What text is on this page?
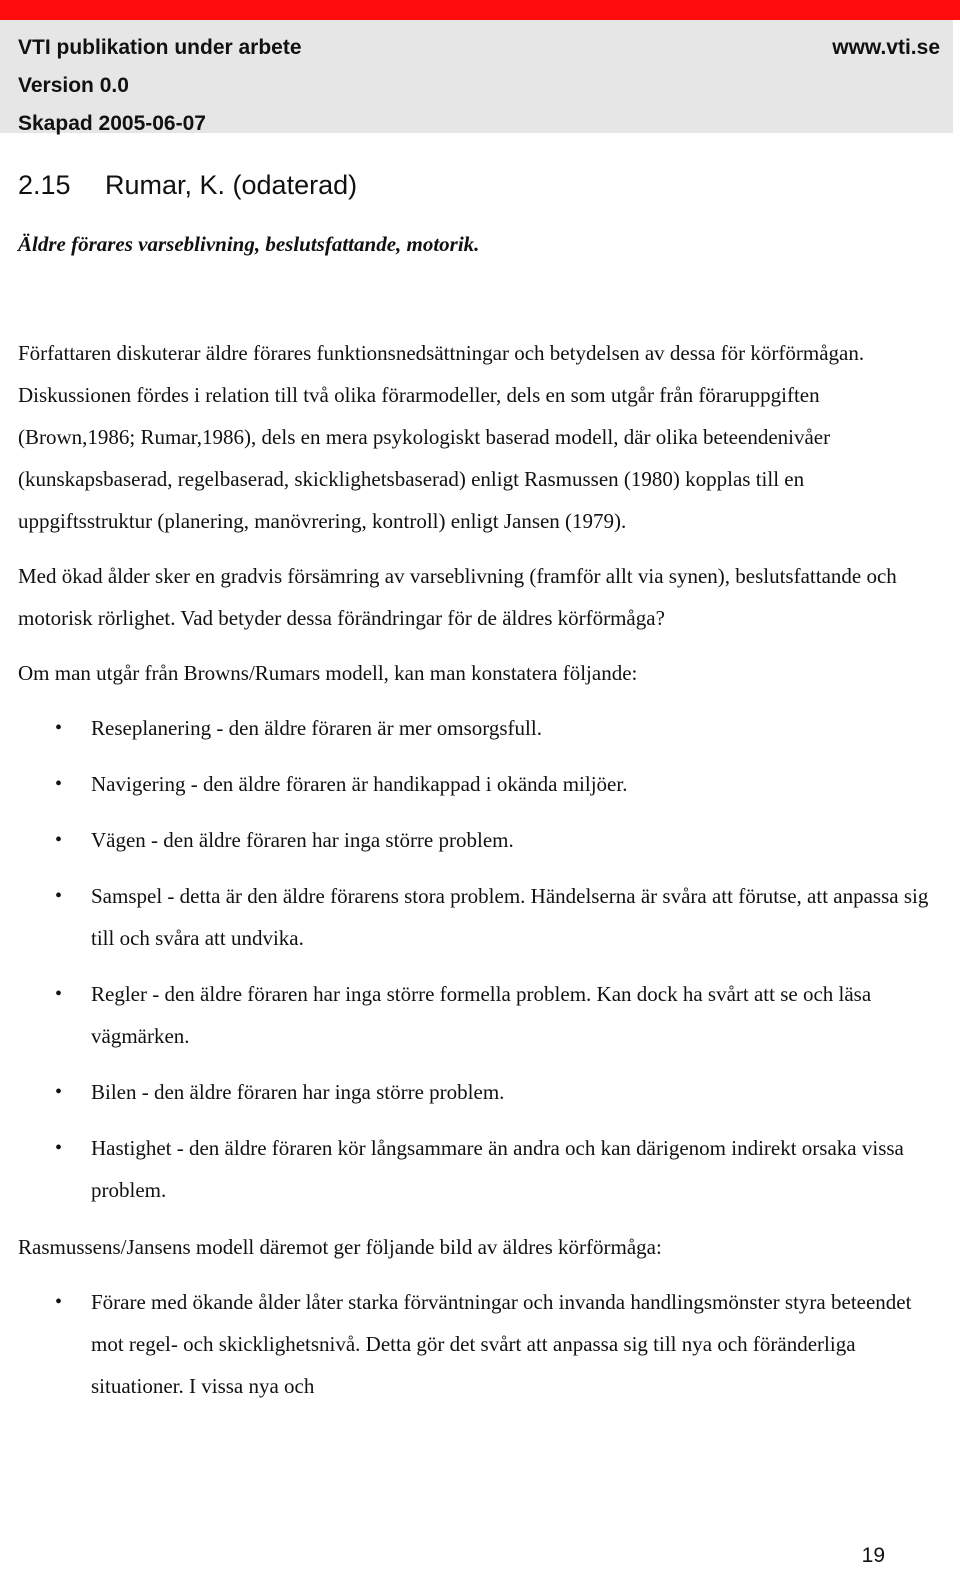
VTI publikation under arbete	www.vti.se
Version 0.0
Skapad 2005-06-07
2.15 Rumar, K. (odaterad)
Äldre förares varseblivning, beslutsfattande, motorik.

Författaren diskuterar äldre förares funktionsnedsättningar och betydelsen av dessa för körförmågan. Diskussionen fördes i relation till två olika förarmodeller, dels en som utgår från föraruppgiften (Brown,1986; Rumar,1986), dels en mera psykologiskt baserad modell, där olika beteendenivåer (kunskapsbaserad, regelbaserad, skicklighetsbaserad) enligt Rasmussen (1980) kopplas till en uppgiftsstruktur (planering, manövrering, kontroll) enligt Jansen (1979).

Med ökad ålder sker en gradvis försämring av varseblivning (framför allt via synen), beslutsfattande och motorisk rörlighet. Vad betyder dessa förändringar för de äldres körförmåga?

Om man utgår från Browns/Rumars modell, kan man konstatera följande:

• Reseplanering - den äldre föraren är mer omsorgsfull.
• Navigering - den äldre föraren är handikappad i okända miljöer.
• Vägen - den äldre föraren har inga större problem.
• Samspel - detta är den äldre förarens stora problem. Händelserna är svåra att förutse, att anpassa sig till och svåra att undvika.
• Regler - den äldre föraren har inga större formella problem. Kan dock ha svårt att se och läsa vägmärken.
• Bilen - den äldre föraren har inga större problem.
• Hastighet - den äldre föraren kör långsammare än andra och kan därigenom indirekt orsaka vissa problem.

Rasmussens/Jansens modell däremot ger följande bild av äldres körförmåga:

• Förare med ökande ålder låter starka förväntningar och invanda handlingsmönster styra beteendet mot regel- och skicklighetsnivå. Detta gör det svårt att anpassa sig till nya och föränderliga situationer. I vissa nya och
19
